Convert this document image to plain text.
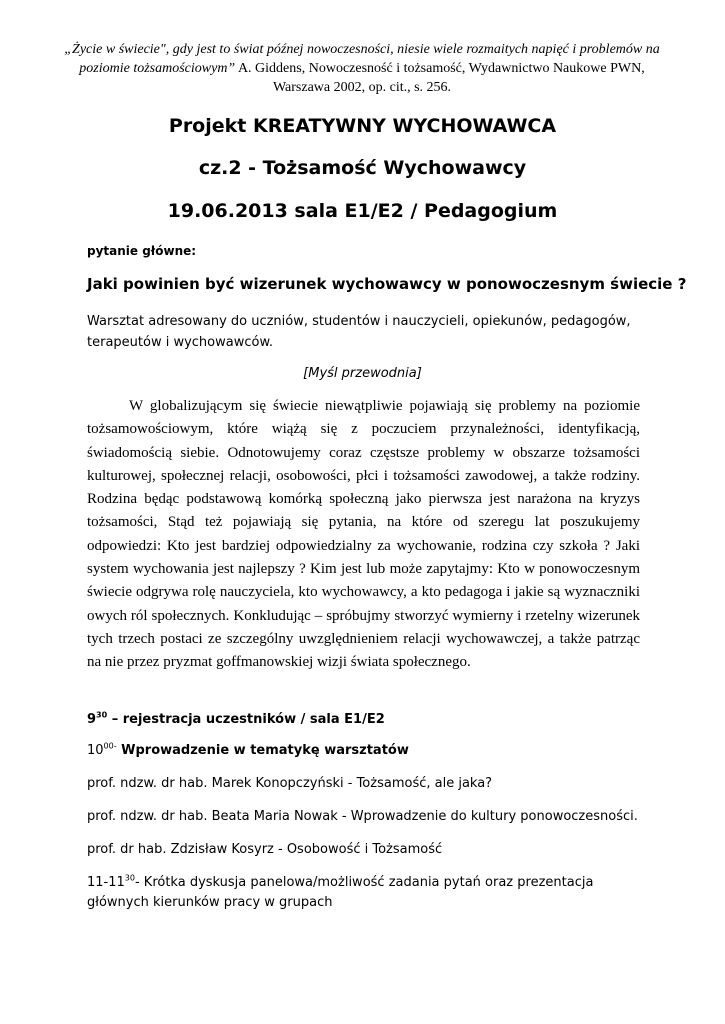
„Życie w świecie", gdy jest to świat późnej nowoczesności, niesie wiele rozmaitych napięć i problemów na poziomie tożsamościowym” A. Giddens, Nowoczesność i tożsamość, Wydawnictwo Naukowe PWN, Warszawa 2002, op. cit., s. 256.
Projekt KREATYWNY WYCHOWAWCA
cz.2 - Tożsamość Wychowawcy
19.06.2013 sala E1/E2 / Pedagogium
pytanie główne:
Jaki powinien być wizerunek wychowawcy w ponowoczesnym świecie ?
Warsztat adresowany do uczniów, studentów i nauczycieli, opiekunów, pedagogów, terapeutów i wychowawców.
[Myśl przewodnia]
W globalizującym się świecie niewątpliwie pojawiają się problemy na poziomie tożsamowościowym, które wiążą się z poczuciem przynależności, identyfikacją, świadomością siebie. Odnotowujemy coraz częstsze problemy w obszarze tożsamości kulturowej, społecznej relacji, osobowości, płci i tożsamości zawodowej, a także rodziny. Rodzina będąc podstawową komórką społeczną jako pierwsza jest narażona na kryzys tożsamości, Stąd też pojawiają się pytania, na które od szeregu lat poszukujemy odpowiedzi: Kto jest bardziej odpowiedzialny za wychowanie, rodzina czy szkoła ? Jaki system wychowania jest najlepszy ? Kim jest lub może zapytajmy: Kto w ponowoczesnym świecie odgrywa rolę nauczyciela, kto wychowawcy, a kto pedagoga i jakie są wyznaczniki owych ról społecznych. Konkludując – spróbujmy stworzyć wymierny i rzetelny wizerunek tych trzech postaci ze szczególny uwzględnieniem relacji wychowawczej, a także patrząc na nie przez pryzmat goffmanowskiej wizji świata społecznego.
$9^{30}$ – rejestracja uczestników / sala E1/E2
$10^{00-}$ Wprowadzenie w tematykę warsztatów
prof. ndzw. dr hab. Marek Konopczyński - Tożsamość, ale jaka?
prof. ndzw. dr hab. Beata Maria Nowak - Wprowadzenie do kultury ponowoczesności.
prof. dr hab. Zdzisław Kosyrz - Osobowość i Tożsamość
$11-11^{30}-$ Krótka dyskusja panelowa/możliwość zadania pytań oraz prezentacja głównych kierunków pracy w grupach
